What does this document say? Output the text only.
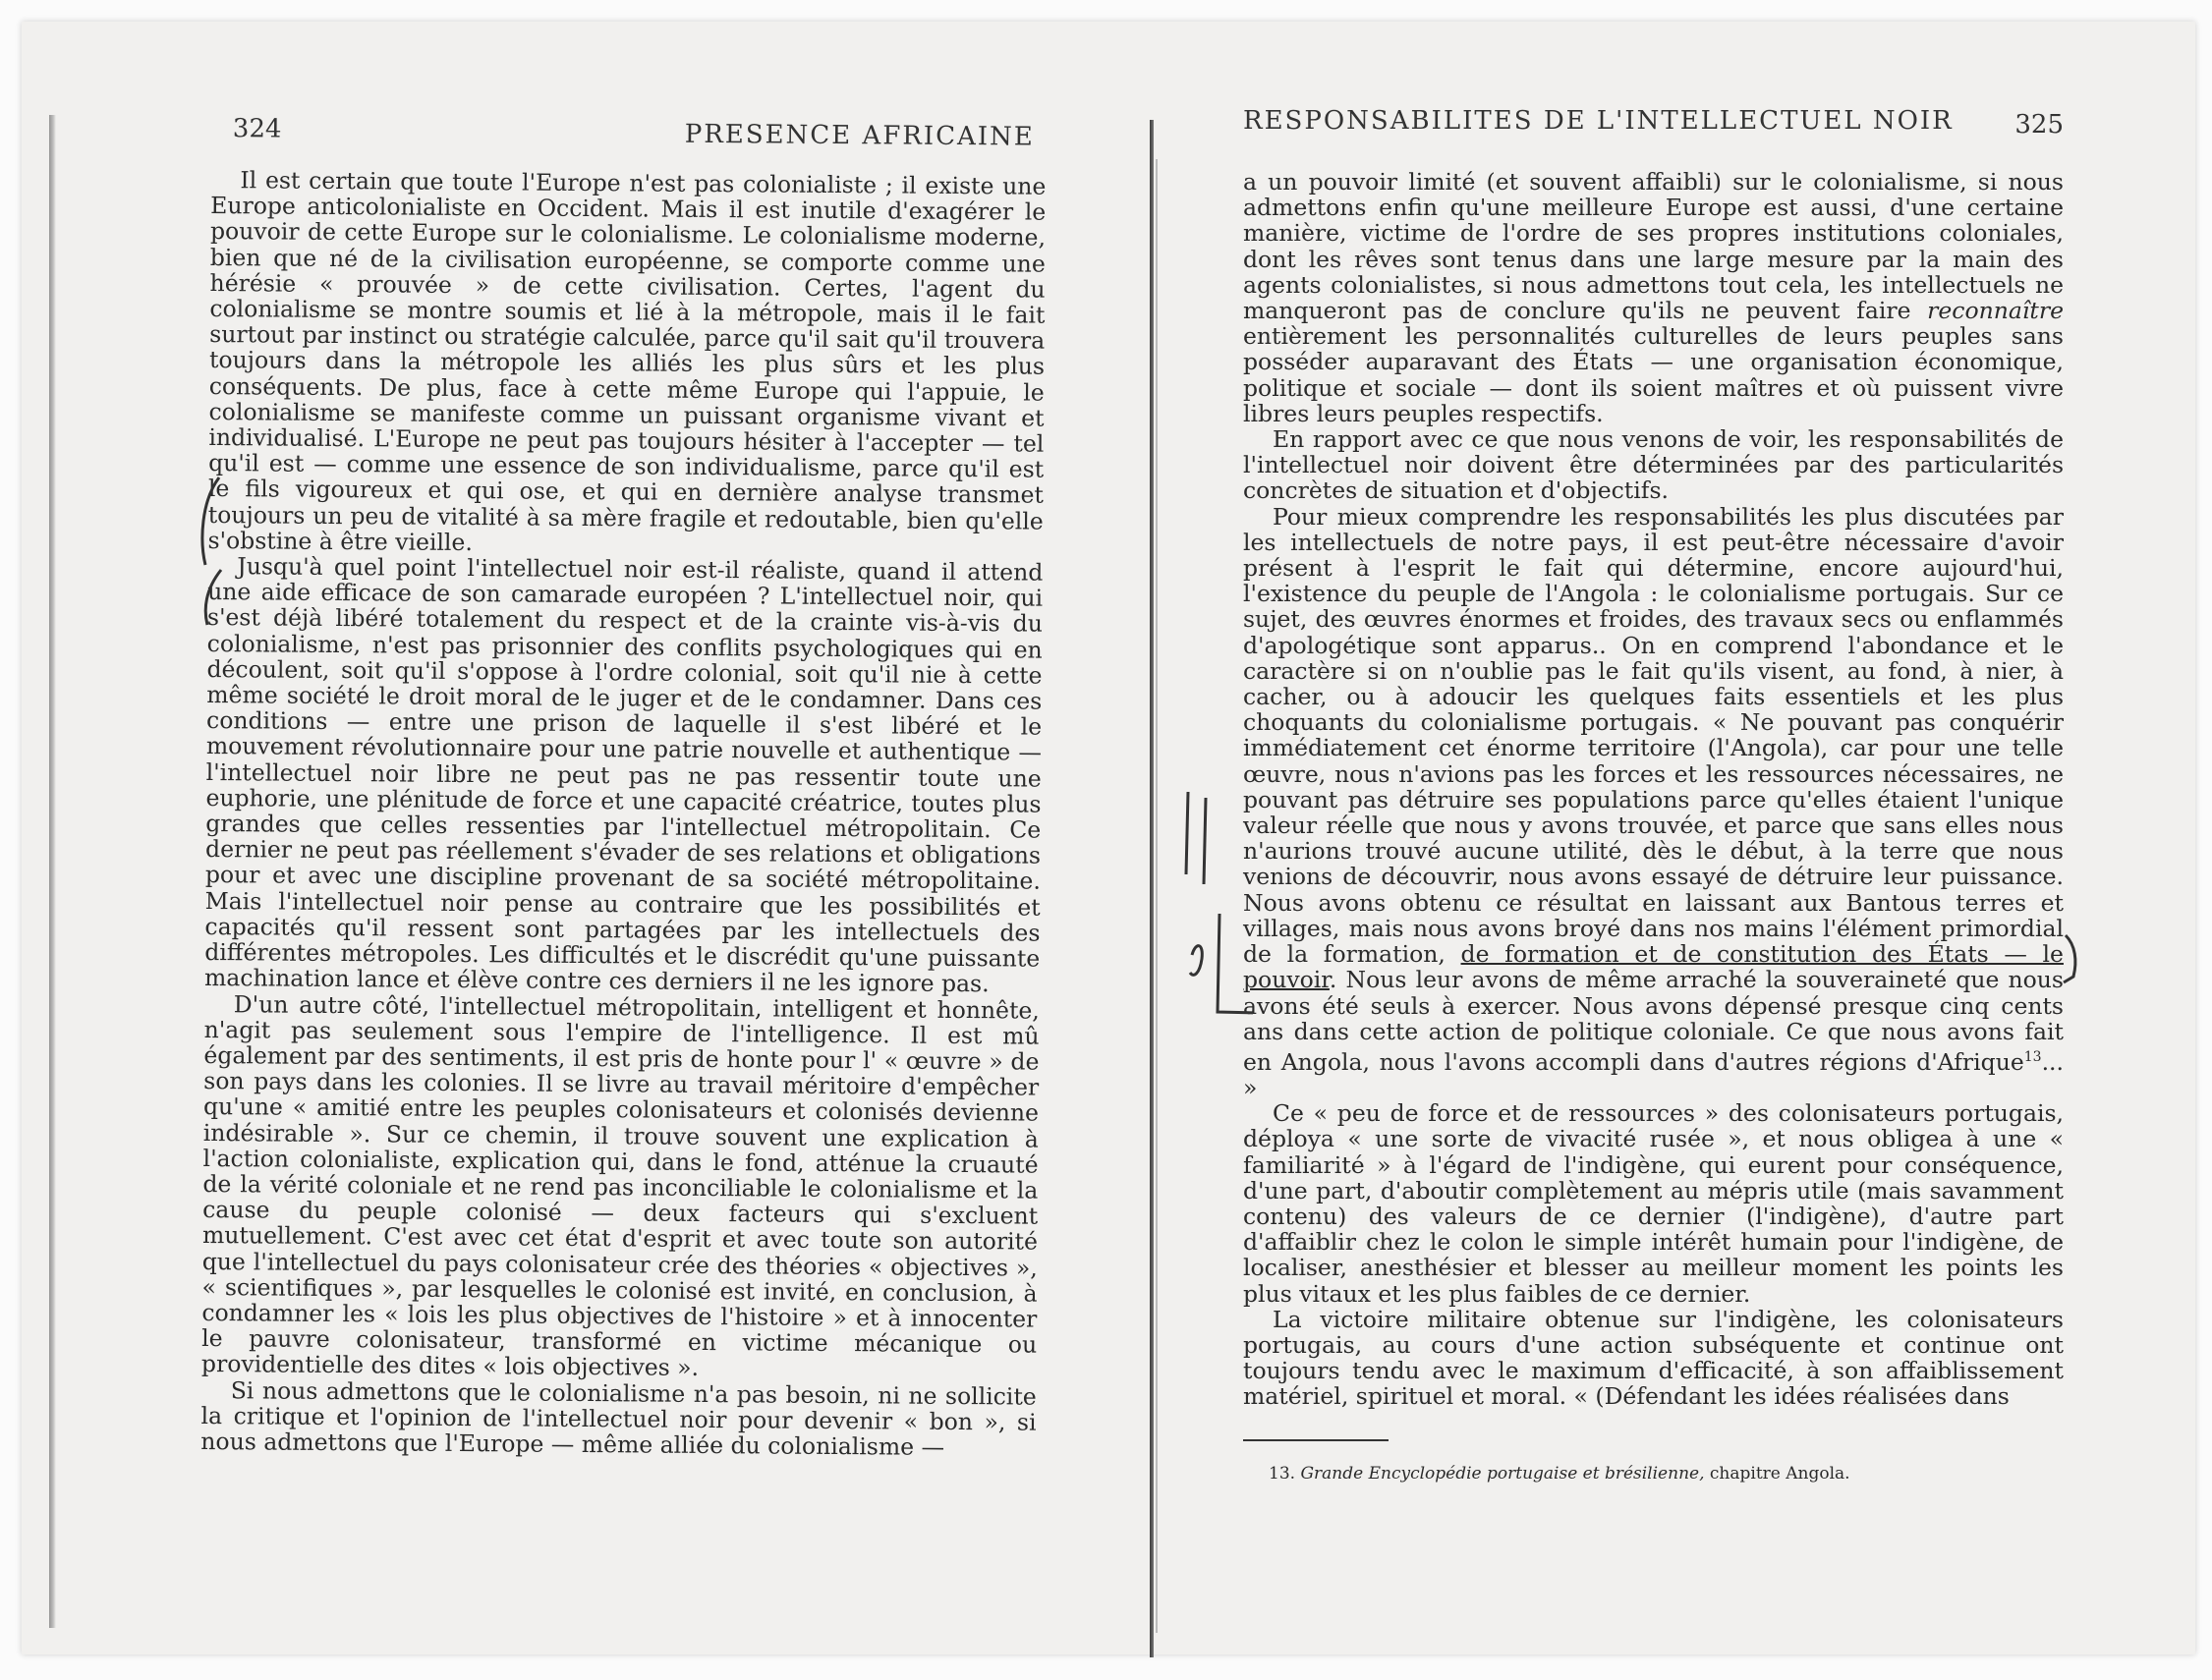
324	PRESENCE AFRICAINE

Il est certain que toute l'Europe n'est pas colonialiste ; il existe une Europe anticolonialiste en Occident. Mais il est inutile d'exagérer le pouvoir de cette Europe sur le colonialisme. Le colonialisme moderne, bien que né de la civilisation européenne, se comporte comme une hérésie « prouvée » de cette civilisation. Certes, l'agent du colonialisme se montre soumis et lié à la métropole, mais il le fait surtout par instinct ou stratégie calculée, parce qu'il sait qu'il trouvera toujours dans la métropole les alliés les plus sûrs et les plus conséquents. De plus, face à cette même Europe qui l'appuie, le colonialisme se manifeste comme un puissant organisme vivant et individualisé. L'Europe ne peut pas toujours hésiter à l'accepter — tel qu'il est — comme une essence de son individualisme, parce qu'il est le fils vigoureux et qui ose, et qui en dernière analyse transmet toujours un peu de vitalité à sa mère fragile et redoutable, bien qu'elle s'obstine à être vieille.

Jusqu'à quel point l'intellectuel noir est-il réaliste, quand il attend une aide efficace de son camarade européen ? L'intellectuel noir, qui s'est déjà libéré totalement du respect et de la crainte vis-à-vis du colonialisme, n'est pas prisonnier des conflits psychologiques qui en découlent, soit qu'il s'oppose à l'ordre colonial, soit qu'il nie à cette même société le droit moral de le juger et de le condamner. Dans ces conditions — entre une prison de laquelle il s'est libéré et le mouvement révolutionnaire pour une patrie nouvelle et authentique — l'intellectuel noir libre ne peut pas ne pas ressentir toute une euphorie, une plénitude de force et une capacité créatrice, toutes plus grandes que celles ressenties par l'intellectuel métropolitain. Ce dernier ne peut pas réellement s'évader de ses relations et obligations pour et avec une discipline provenant de sa société métropolitaine. Mais l'intellectuel noir pense au contraire que les possibilités et capacités qu'il ressent sont partagées par les intellectuels des différentes métropoles. Les difficultés et le discrédit qu'une puissante machination lance et élève contre ces derniers il ne les ignore pas.

D'un autre côté, l'intellectuel métropolitain, intelligent et honnête, n'agit pas seulement sous l'empire de l'intelligence. Il est mû également par des sentiments, il est pris de honte pour l' « œuvre » de son pays dans les colonies. Il se livre au travail méritoire d'empêcher qu'une « amitié entre les peuples colonisateurs et colonisés devienne indésirable ». Sur ce chemin, il trouve souvent une explication à l'action colonialiste, explication qui, dans le fond, atténue la cruauté de la vérité coloniale et ne rend pas inconciliable le colonialisme et la cause du peuple colonisé — deux facteurs qui s'excluent mutuellement. C'est avec cet état d'esprit et avec toute son autorité que l'intellectuel du pays colonisateur crée des théories « objectives », « scientifiques », par lesquelles le colonisé est invité, en conclusion, à condamner les « lois les plus objectives de l'histoire » et à innocenter le pauvre colonisateur, transformé en victime mécanique ou providentielle des dites « lois objectives ».

Si nous admettons que le colonialisme n'a pas besoin, ni ne sollicite la critique et l'opinion de l'intellectuel noir pour devenir « bon », si nous admettons que l'Europe — même alliée du colonialisme —

RESPONSABILITES DE L'INTELLECTUEL NOIR 325

a un pouvoir limité (et souvent affaibli) sur le colonialisme, si nous admettons enfin qu'une meilleure Europe est aussi, d'une certaine manière, victime de l'ordre de ses propres institutions coloniales, dont les rêves sont tenus dans une large mesure par la main des agents colonialistes, si nous admettons tout cela, les intellectuels ne manqueront pas de conclure qu'ils ne peuvent faire reconnaître entièrement les personnalités culturelles de leurs peuples sans posséder auparavant des États — une organisation économique, politique et sociale — dont ils soient maîtres et où puissent vivre libres leurs peuples respectifs.

En rapport avec ce que nous venons de voir, les responsabilités de l'intellectuel noir doivent être déterminées par des particularités concrètes de situation et d'objectifs.

Pour mieux comprendre les responsabilités les plus discutées par les intellectuels de notre pays, il est peut-être nécessaire d'avoir présent à l'esprit le fait qui détermine, encore aujourd'hui, l'existence du peuple de l'Angola : le colonialisme portugais. Sur ce sujet, des œuvres énormes et froides, des travaux secs ou enflammés d'apologétique sont apparus.. On en comprend l'abondance et le caractère si on n'oublie pas le fait qu'ils visent, au fond, à nier, à cacher, ou à adoucir les quelques faits essentiels et les plus choquants du colonialisme portugais. « Ne pouvant pas conquérir immédiatement cet énorme territoire (l'Angola), car pour une telle œuvre, nous n'avions pas les forces et les ressources nécessaires, ne pouvant pas détruire ses populations parce qu'elles étaient l'unique valeur réelle que nous y avons trouvée, et parce que sans elles nous n'aurions trouvé aucune utilité, dès le début, à la terre que nous venions de découvrir, nous avons essayé de détruire leur puissance. Nous avons obtenu ce résultat en laissant aux Bantous terres et villages, mais nous avons broyé dans nos mains l'élément primordial de la formation, de formation et de constitution des États — le pouvoir. Nous leur avons de même arraché la souveraineté que nous avons été seuls à exercer. Nous avons dépensé presque cinq cents ans dans cette action de politique coloniale. Ce que nous avons fait en Angola, nous l'avons accompli dans d'autres régions d'Afrique$^{13}$... »

Ce « peu de force et de ressources » des colonisateurs portugais, déploya « une sorte de vivacité rusée », et nous obligea à une « familiarité » à l'égard de l'indigène, qui eurent pour conséquence, d'une part, d'aboutir complètement au mépris utile (mais savamment contenu) des valeurs de ce dernier (l'indigène), d'autre part d'affaiblir chez le colon le simple intérêt humain pour l'indigène, de localiser, anesthésier et blesser au meilleur moment les points les plus vitaux et les plus faibles de ce dernier.

La victoire militaire obtenue sur l'indigène, les colonisateurs portugais, au cours d'une action subséquente et continue ont toujours tendu avec le maximum d'efficacité, à son affaiblissement matériel, spirituel et moral. « (Défendant les idées réalisées dans

13. Grande Encyclopédie portugaise et brésilienne, chapitre Angola.
